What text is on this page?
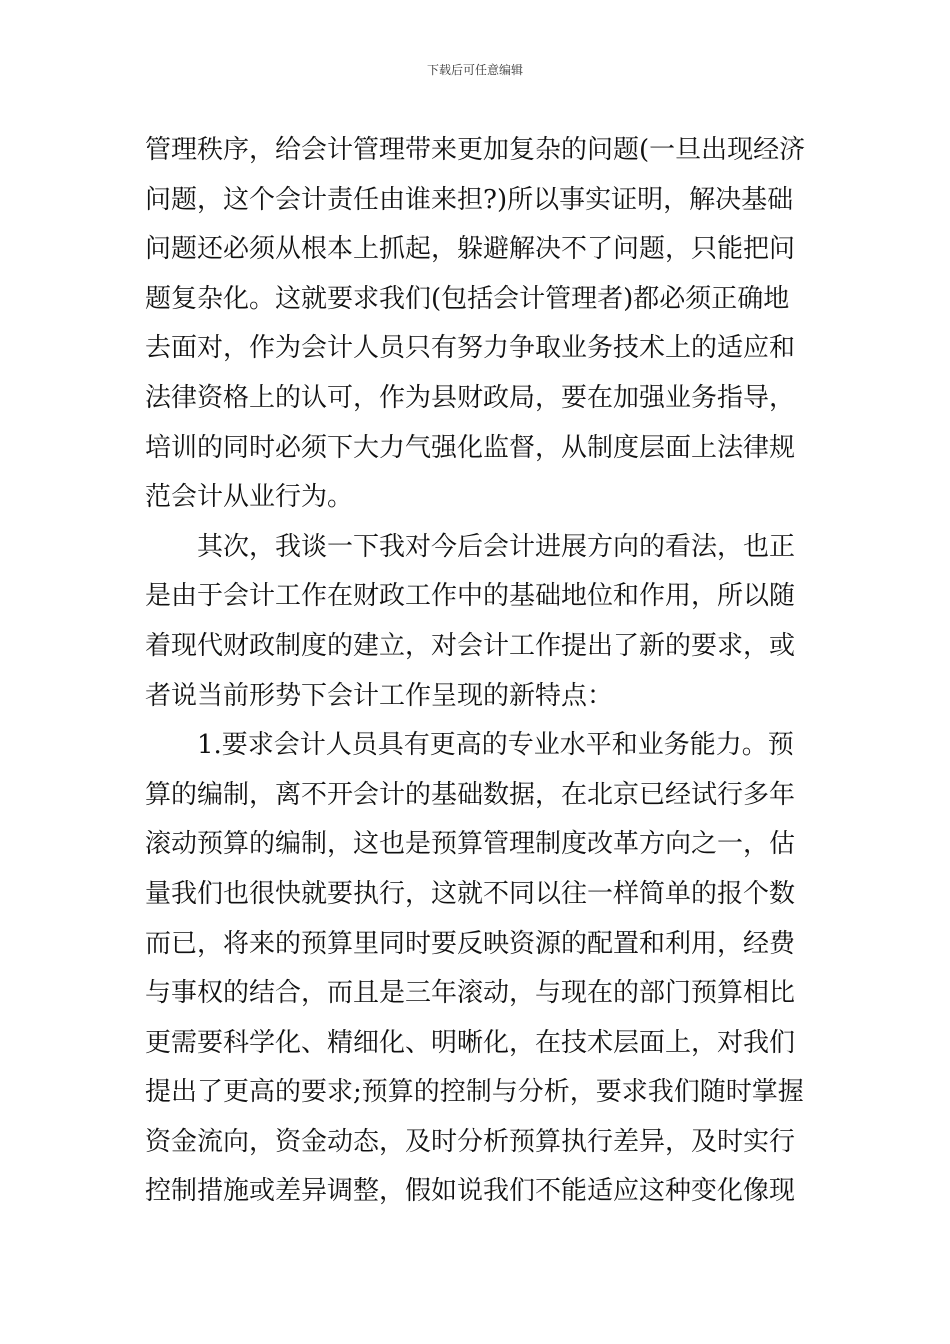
下载后可任意编辑
管理秩序，给会计管理带来更加复杂的问题(一旦出现经济
问题，这个会计责任由谁来担?)所以事实证明，解决基础
问题还必须从根本上抓起，躲避解决不了问题，只能把问
题复杂化。这就要求我们(包括会计管理者)都必须正确地
去面对，作为会计人员只有努力争取业务技术上的适应和
法律资格上的认可，作为县财政局，要在加强业务指导，
培训的同时必须下大力气强化监督，从制度层面上法律规
范会计从业行为。
其次，我谈一下我对今后会计进展方向的看法，也正
是由于会计工作在财政工作中的基础地位和作用，所以随
着现代财政制度的建立，对会计工作提出了新的要求，或
者说当前形势下会计工作呈现的新特点：
1.要求会计人员具有更高的专业水平和业务能力。预
算的编制，离不开会计的基础数据，在北京已经试行多年
滚动预算的编制，这也是预算管理制度改革方向之一，估
量我们也很快就要执行，这就不同以往一样简单的报个数
而已，将来的预算里同时要反映资源的配置和利用，经费
与事权的结合，而且是三年滚动，与现在的部门预算相比
更需要科学化、精细化、明晰化，在技术层面上，对我们
提出了更高的要求;预算的控制与分析，要求我们随时掌握
资金流向，资金动态，及时分析预算执行差异，及时实行
控制措施或差异调整，假如说我们不能适应这种变化像现
